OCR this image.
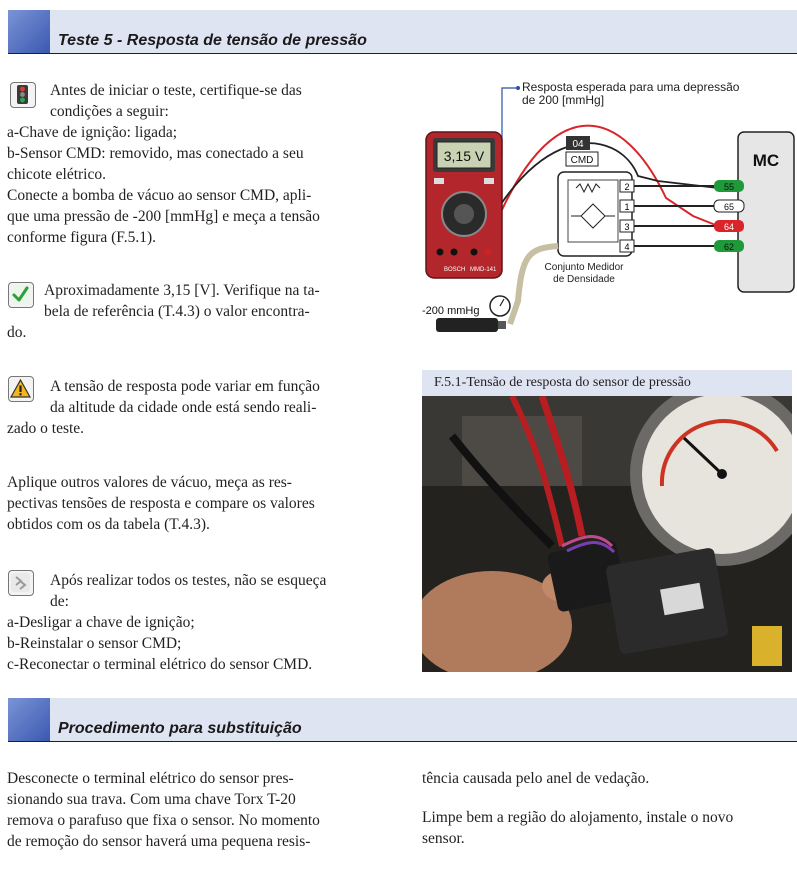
Teste 5 - Resposta de tensão de pressão

Antes de iniciar o teste, certifique-se das

condições a seguir:

a-Chave de ignição: ligada;

b-Sensor CMD: removido, mas conectado a seu

chicote elétrico.

Conecte a bomba de vácuo ao sensor CMD, apli-

que uma pressão de -200 [mmHg] e meça a tensão

conforme figura (F.5.1).

Aproximadamente 3,15 [V]. Verifique na ta-

bela de referência (T.4.3) o valor encontra-

do.

A tensão de resposta pode variar em função

da altitude da cidade onde está sendo reali-

zado o teste.

Aplique outros valores de vácuo, meça as res-

pectivas tensões de resposta e compare os valores

obtidos com os da tabela (T.4.3).

Após realizar todos os testes, não se esqueça

de:

a-Desligar a chave de ignição;

b-Reinstalar o sensor CMD;

c-Reconectar o terminal elétrico do sensor CMD.

Resposta esperada para uma depressão
de 200 [mmHg]
3,15 V
BOSCH MMD-141
04
CMD
Conjunto Medidor
de Densidade
2
1
3
4
MC
55
65
64
62
-200 mmHg
F.5.1-Tensão de resposta do sensor de pressão
Procedimento para substituição

Desconecte o terminal elétrico do sensor pres-

sionando sua trava. Com uma chave Torx T-20

remova o parafuso que fixa o sensor. No momento

de remoção do sensor haverá uma pequena resis-

tência causada pelo anel de vedação.

Limpe bem a região do alojamento, instale o novo

sensor.
